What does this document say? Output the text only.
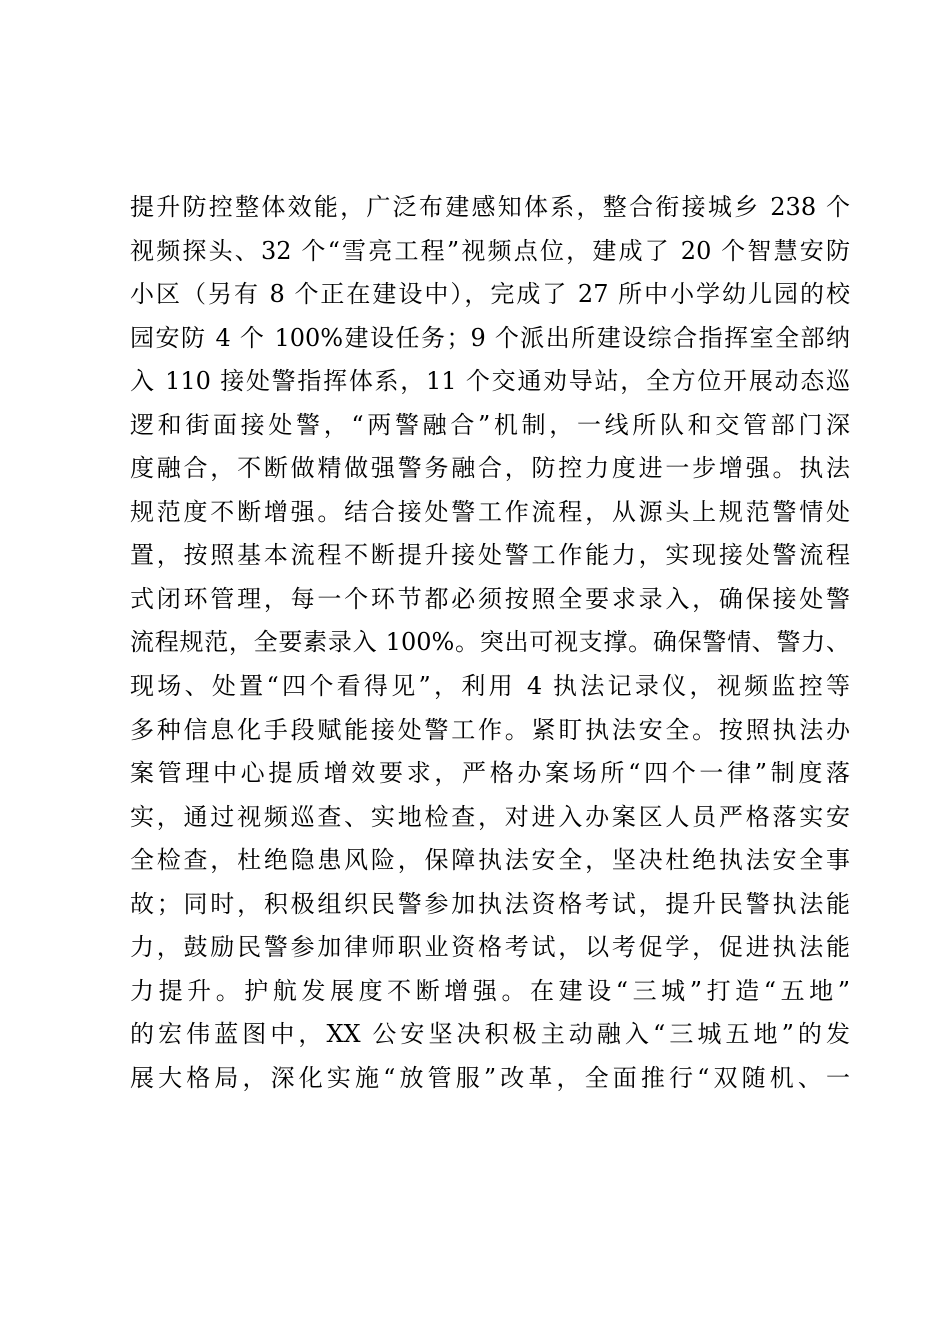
提升防控整体效能，广泛布建感知体系，整合衔接城乡 238 个
视频探头、32 个“雪亮工程”视频点位，建成了 20 个智慧安防
小区（另有 8 个正在建设中），完成了 27 所中小学幼儿园的校
园安防 4 个 100%建设任务；9 个派出所建设综合指挥室全部纳
入 110 接处警指挥体系，11 个交通劝导站，全方位开展动态巡
逻和街面接处警，“两警融合”机制，一线所队和交管部门深
度融合，不断做精做强警务融合，防控力度进一步增强。执法
规范度不断增强。结合接处警工作流程，从源头上规范警情处
置，按照基本流程不断提升接处警工作能力，实现接处警流程
式闭环管理，每一个环节都必须按照全要求录入，确保接处警
流程规范，全要素录入 100%。突出可视支撑。确保警情、警力、
现场、处置“四个看得见”，利用 4 执法记录仪，视频监控等
多种信息化手段赋能接处警工作。紧盯执法安全。按照执法办
案管理中心提质增效要求，严格办案场所“四个一律”制度落
实，通过视频巡查、实地检查，对进入办案区人员严格落实安
全检查，杜绝隐患风险，保障执法安全，坚决杜绝执法安全事
故；同时，积极组织民警参加执法资格考试，提升民警执法能
力，鼓励民警参加律师职业资格考试，以考促学，促进执法能
力提升。护航发展度不断增强。在建设“三城”打造“五地”
的宏伟蓝图中，XX 公安坚决积极主动融入“三城五地”的发
展大格局，深化实施“放管服”改革，全面推行“双随机、一
